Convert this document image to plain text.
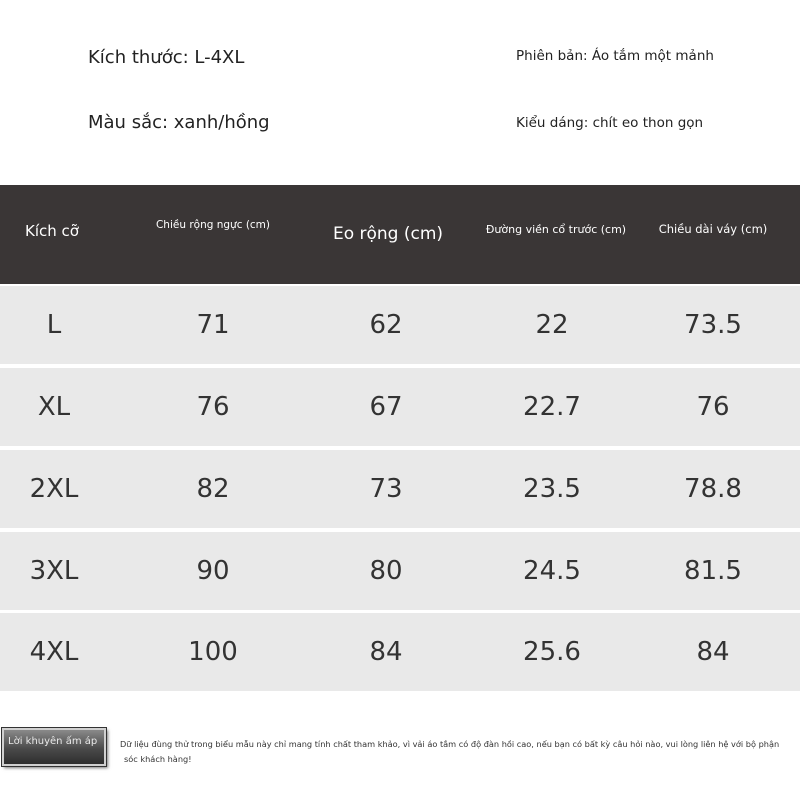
Kích thước: L-4XL
Màu sắc: xanh/hồng
Phiên bản: Áo tắm một mảnh
Kiểu dáng: chít eo thon gọn
Kích cỡ	Chiều rộng ngực (cm)	Eo rộng (cm)	Đường viền cổ trước (cm)	Chiều dài váy (cm)
L	71	62	22	73.5
XL	76	67	22.7	76
2XL	82	73	23.5	78.8
3XL	90	80	24.5	81.5
4XL	100	84	25.6	84
Lời khuyên ấm áp	Dữ liệu đùng thử trong biểu mẫu này chỉ mang tính chất tham khảo, vì vải áo tắm có độ đàn hồi cao, nếu bạn có bất kỳ câu hỏi nào, vui lòng liên hệ với bộ phận
sóc khách hàng!
